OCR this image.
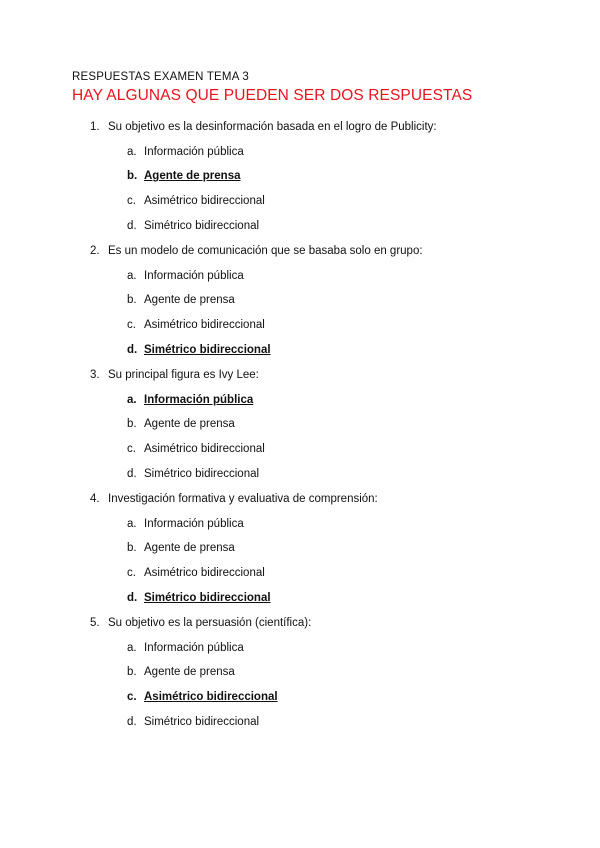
RESPUESTAS EXAMEN TEMA 3
HAY ALGUNAS QUE PUEDEN SER DOS RESPUESTAS
1. Su objetivo es la desinformación basada en el logro de Publicity:
a. Información pública
b. Agente de prensa
c. Asimétrico bidireccional
d. Simétrico bidireccional
2. Es un modelo de comunicación que se basaba solo en grupo:
a. Información pública
b. Agente de prensa
c. Asimétrico bidireccional
d. Simétrico bidireccional
3. Su principal figura es Ivy Lee:
a. Información pública
b. Agente de prensa
c. Asimétrico bidireccional
d. Simétrico bidireccional
4. Investigación formativa y evaluativa de comprensión:
a. Información pública
b. Agente de prensa
c. Asimétrico bidireccional
d. Simétrico bidireccional
5. Su objetivo es la persuasión (científica):
a. Información pública
b. Agente de prensa
c. Asimétrico bidireccional
d. Simétrico bidireccional
